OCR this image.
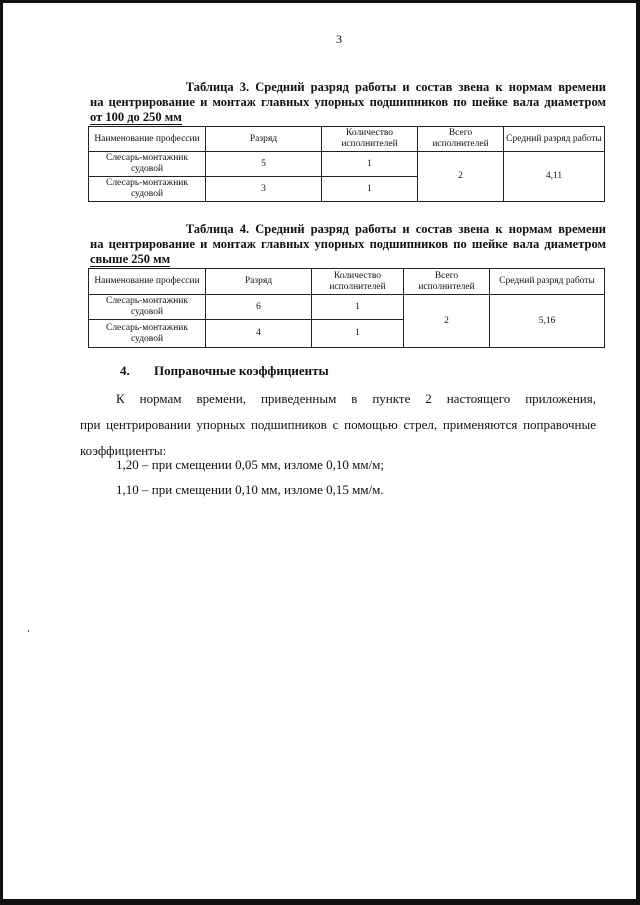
3
Таблица 3. Средний разряд работы и состав звена к нормам времени
на центрирование и монтаж главных упорных подшипников по шейке вала диаметром
от 100 до 250 мм
Наименование профессии	Разряд	Количество исполнителей	Всего исполнителей	Средний разряд работы
Слесарь-монтажник судовой	5	1	2	4,11
Слесарь-монтажник судовой	3	1		
Таблица 4. Средний разряд работы и состав звена к нормам времени
на центрирование и монтаж главных упорных подшипников по шейке вала диаметром
свыше 250 мм
Наименование профессии	Разряд	Количество исполнителей	Всего исполнителей	Средний разряд работы
Слесарь-монтажник судовой	6	1	2	5,16
Слесарь-монтажник судовой	4	1		
4. Поправочные коэффициенты
К нормам времени, приведенным в пункте 2 настоящего приложения,
при центрировании упорных подшипников с помощью стрел, применяются поправочные
коэффициенты:
1,20 – при смещении 0,05 мм, изломе 0,10 мм/м;
1,10 – при смещении 0,10 мм, изломе 0,15 мм/м.
